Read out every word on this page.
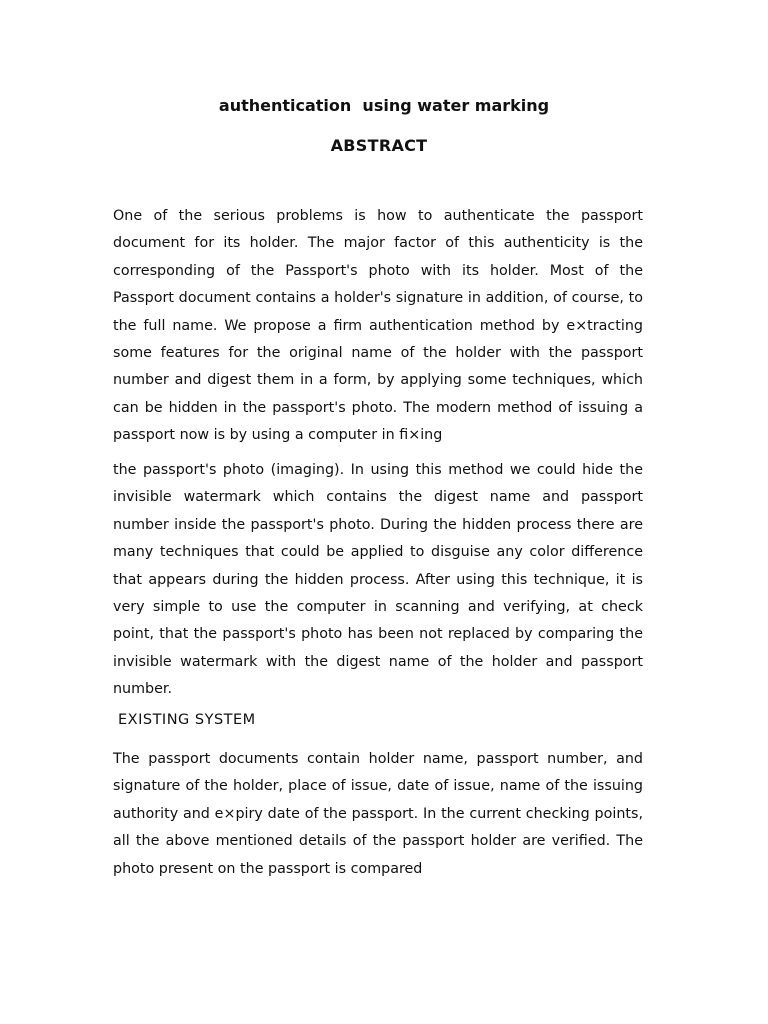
authentication  using water marking
ABSTRACT

One of the serious problems is how to authenticate the passport document for its holder. The major factor of this authenticity is the corresponding of the Passport's photo with its holder. Most of the Passport document contains a holder's signature in addition, of course, to the full name. We propose a firm authentication method by e×tracting some features for the original name of the holder with the passport number and digest them in a form, by applying some techniques, which can be hidden in the passport's photo. The modern method of issuing a passport now is by using a computer in fi×ing

the passport's photo (imaging). In using this method we could hide the invisible watermark which contains the digest name and passport number inside the passport's photo. During the hidden process there are many techniques that could be applied to disguise any color difference that appears during the hidden process. After using this technique, it is very simple to use the computer in scanning and verifying, at check point, that the passport's photo has been not replaced by comparing the invisible watermark with the digest name of the holder and passport number.

EXISTING SYSTEM

The passport documents contain holder name, passport number, and signature of the holder, place of issue, date of issue, name of the issuing authority and e×piry date of the passport. In the current checking points, all the above mentioned details of the passport holder are verified. The photo present on the passport is compared
